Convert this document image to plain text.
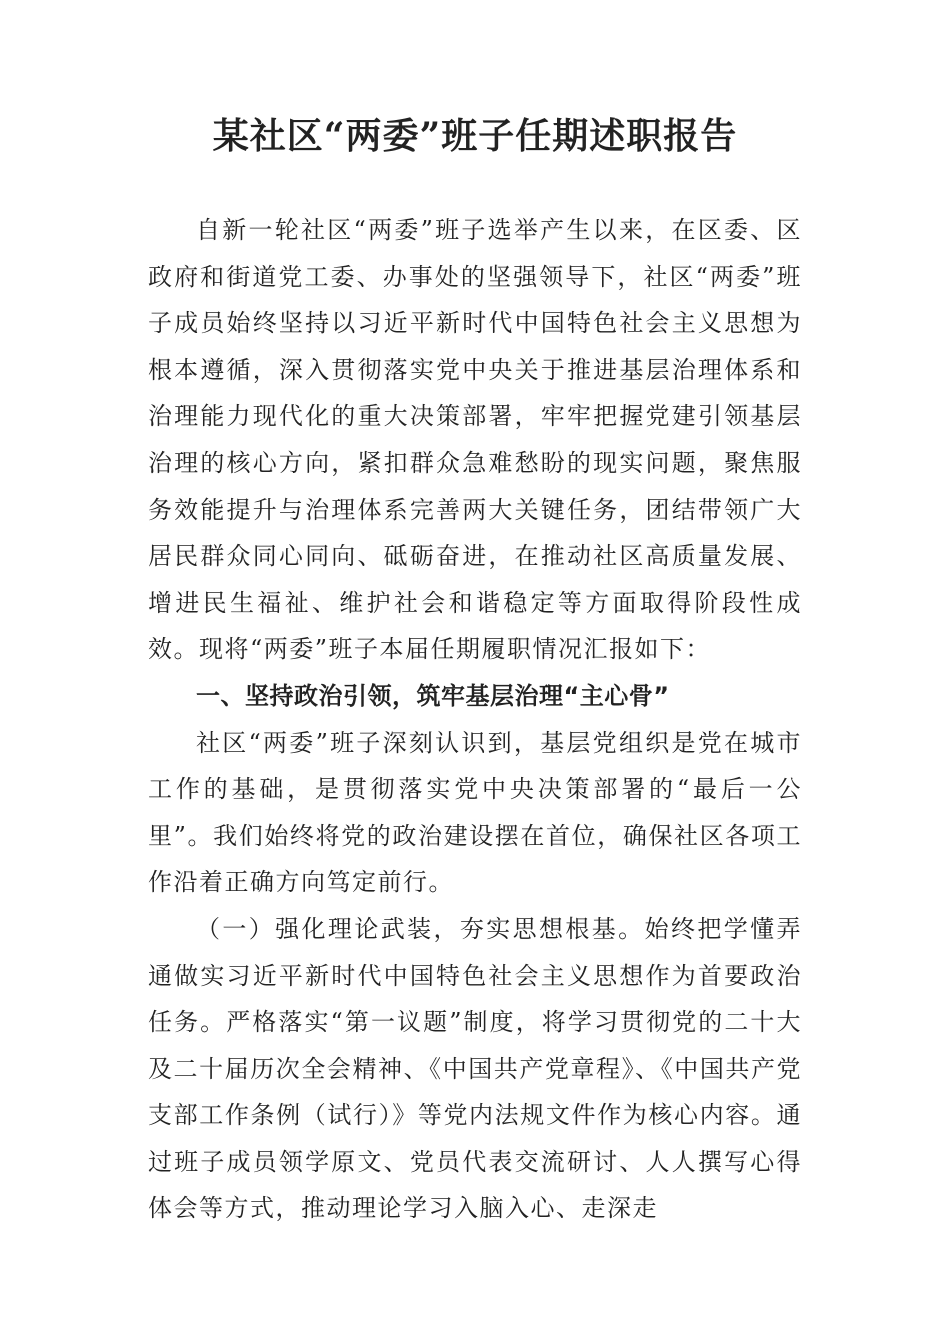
某社区“两委”班子任期述职报告

自新一轮社区“两委”班子选举产生以来，在区委、区政府和街道党工委、办事处的坚强领导下，社区“两委”班子成员始终坚持以习近平新时代中国特色社会主义思想为根本遵循，深入贯彻落实党中央关于推进基层治理体系和治理能力现代化的重大决策部署，牢牢把握党建引领基层治理的核心方向，紧扣群众急难愁盼的现实问题，聚焦服务效能提升与治理体系完善两大关键任务，团结带领广大居民群众同心同向、砥砺奋进，在推动社区高质量发展、增进民生福祉、维护社会和谐稳定等方面取得阶段性成效。现将“两委”班子本届任期履职情况汇报如下：

一、坚持政治引领，筑牢基层治理“主心骨”

社区“两委”班子深刻认识到，基层党组织是党在城市工作的基础，是贯彻落实党中央决策部署的“最后一公里”。我们始终将党的政治建设摆在首位，确保社区各项工作沿着正确方向笃定前行。

（一）强化理论武装，夯实思想根基。始终把学懂弄通做实习近平新时代中国特色社会主义思想作为首要政治任务。严格落实“第一议题”制度，将学习贯彻党的二十大及二十届历次全会精神、《中国共产党章程》、《中国共产党支部工作条例（试行）》等党内法规文件作为核心内容。通过班子成员领学原文、党员代表交流研讨、人人撰写心得体会等方式，推动理论学习入脑入心、走深走
